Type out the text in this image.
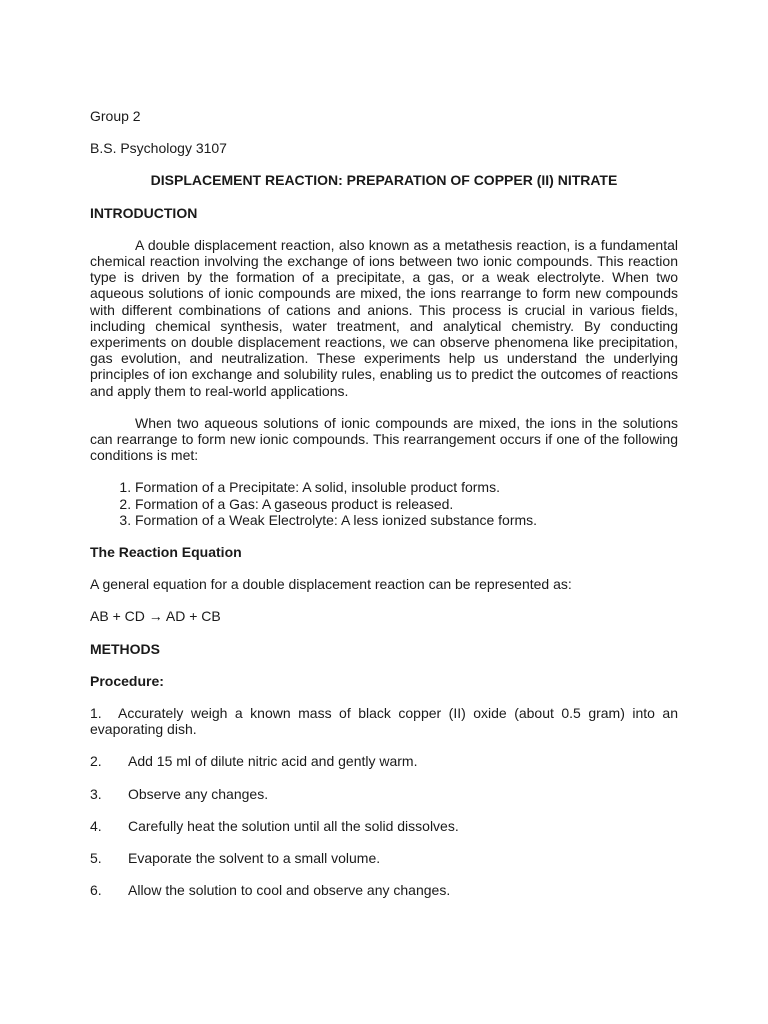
Group 2

B.S. Psychology 3107

DISPLACEMENT REACTION: PREPARATION OF COPPER (II) NITRATE

INTRODUCTION

A double displacement reaction, also known as a metathesis reaction, is a fundamental chemical reaction involving the exchange of ions between two ionic compounds. This reaction type is driven by the formation of a precipitate, a gas, or a weak electrolyte. When two aqueous solutions of ionic compounds are mixed, the ions rearrange to form new compounds with different combinations of cations and anions. This process is crucial in various fields, including chemical synthesis, water treatment, and analytical chemistry. By conducting experiments on double displacement reactions, we can observe phenomena like precipitation, gas evolution, and neutralization. These experiments help us understand the underlying principles of ion exchange and solubility rules, enabling us to predict the outcomes of reactions and apply them to real-world applications.

When two aqueous solutions of ionic compounds are mixed, the ions in the solutions can rearrange to form new ionic compounds. This rearrangement occurs if one of the following conditions is met:

1. Formation of a Precipitate: A solid, insoluble product forms.
2. Formation of a Gas: A gaseous product is released.
3. Formation of a Weak Electrolyte: A less ionized substance forms.

The Reaction Equation

A general equation for a double displacement reaction can be represented as:

AB + CD → AD + CB

METHODS

Procedure:

1. Accurately weigh a known mass of black copper (II) oxide (about 0.5 gram) into an evaporating dish.
2.	Add 15 ml of dilute nitric acid and gently warm.
3.	Observe any changes.
4.	Carefully heat the solution until all the solid dissolves.
5.	Evaporate the solvent to a small volume.
6.	Allow the solution to cool and observe any changes.
